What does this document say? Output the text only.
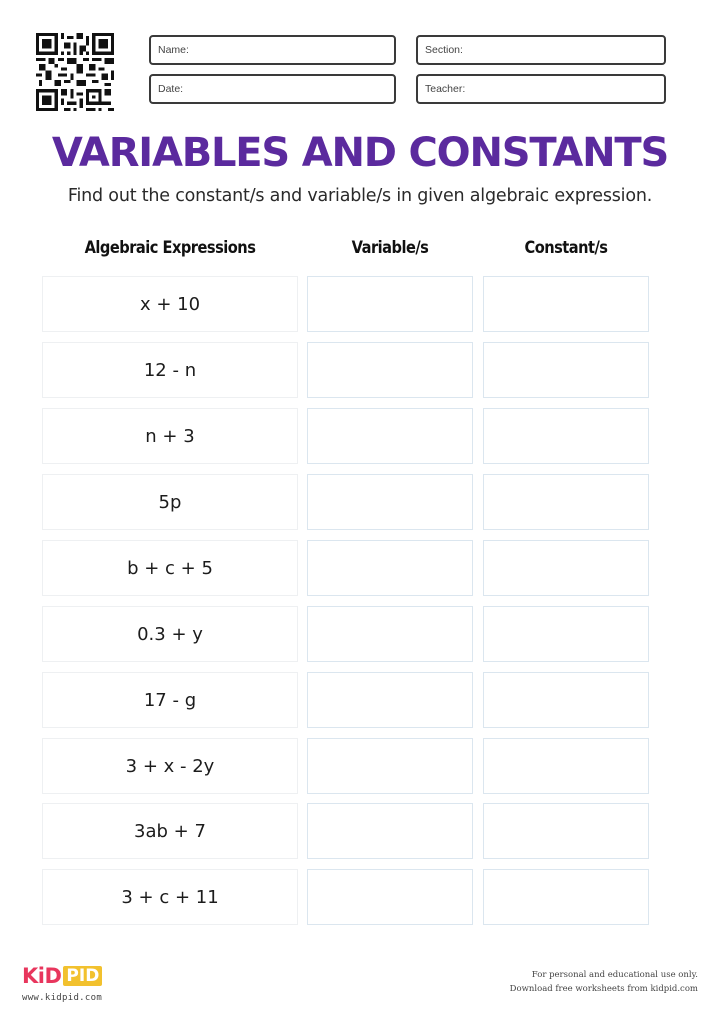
Name:
Date:
Section:
Teacher:
VARIABLES AND CONSTANTS

Find out the constant/s and variable/s in given algebraic expression.

Algebraic Expressions	Variable/s	Constant/s
x + 10
12 - n
n + 3
5p
b + c + 5
0.3 + y
17 - g
3 + x - 2y
3ab + 7
3 + c + 11
KiD PID
www.kidpid.com
For personal and educational use only.
Download free worksheets from kidpid.com
